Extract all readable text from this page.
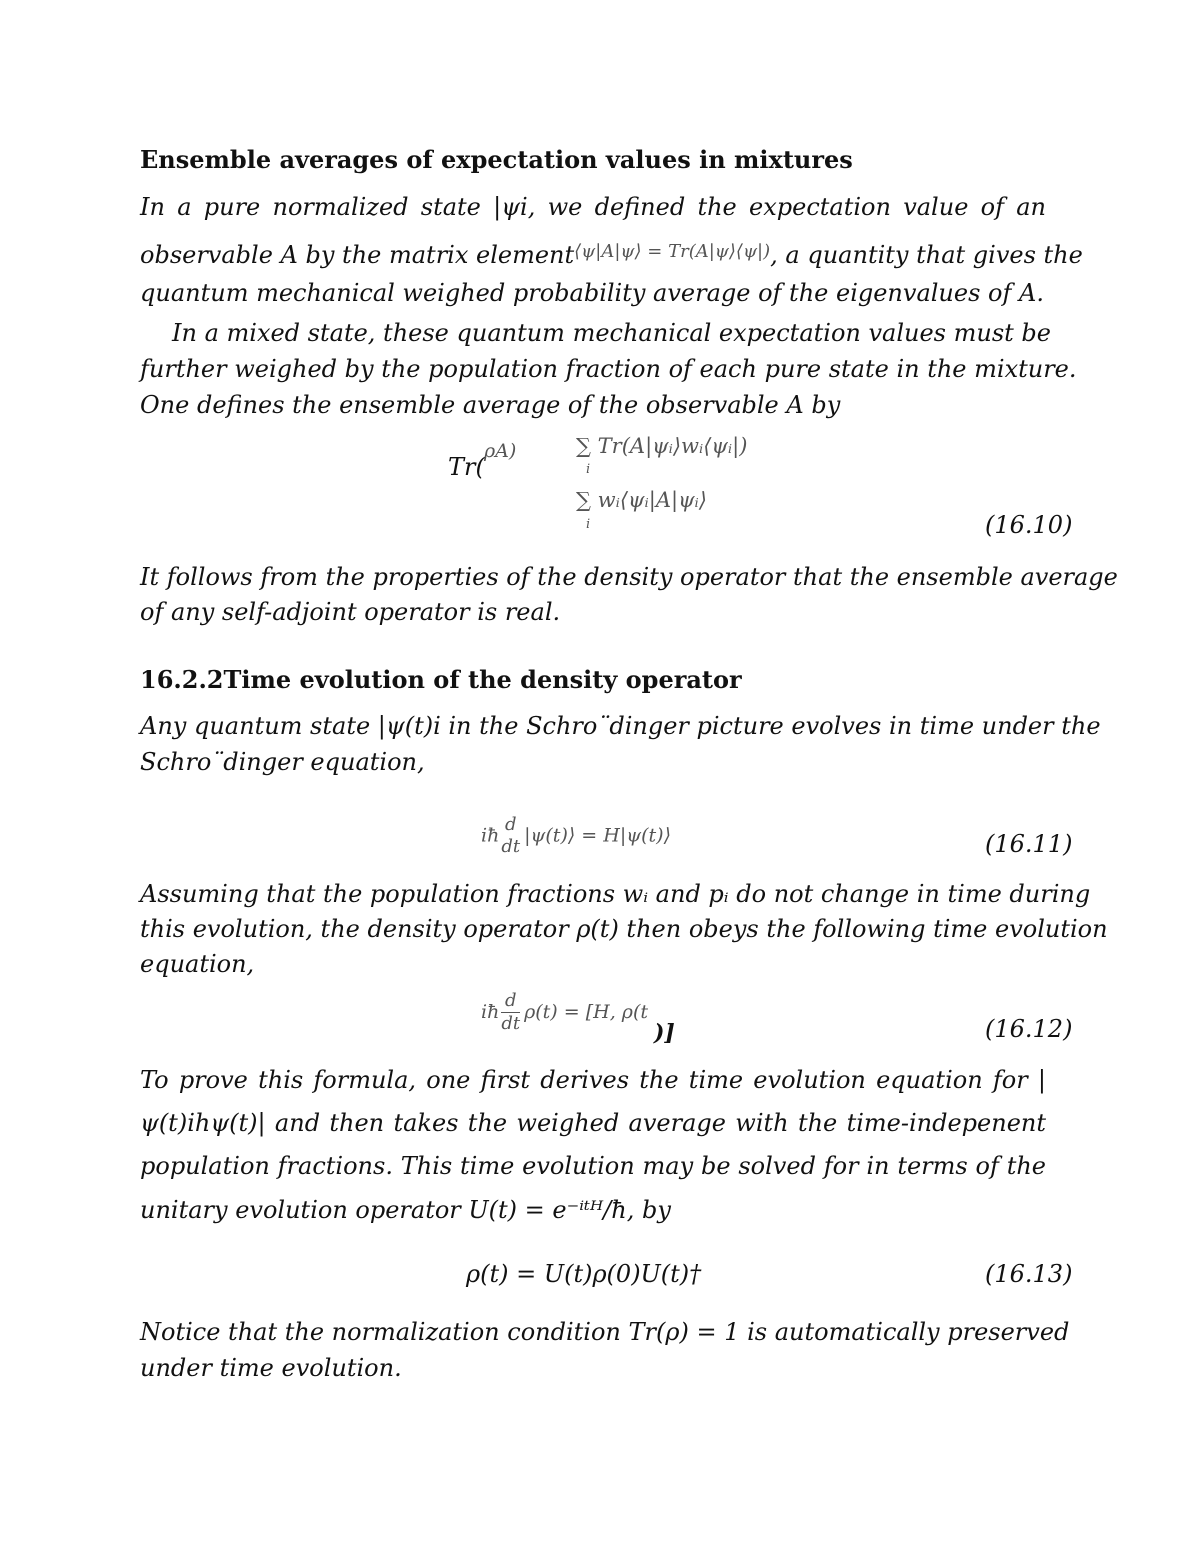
Ensemble averages of expectation values in mixtures
In a pure normalized state |ψi, we defined the expectation value of an
observable A by the matrix element$^{⟨\psi|A|\psi⟩ = Tr(A|\psi⟩⟨\psi|)}$, a quantity that gives the
quantum mechanical weighed probability average of the eigenvalues of A.
In a mixed state, these quantum mechanical expectation values must be
further weighed by the population fraction of each pure state in the mixture.
One defines the ensemble average of the observable A by
Tr(
ρA)	∑ Tr(A|ψᵢ⟩wᵢ⟨ψᵢ|)
i
∑ wᵢ⟨ψᵢ|A|ψᵢ⟩
i	(16.10)
It follows from the properties of the density operator that the ensemble average
of any self-adjoint operator is real.
16.2.2Time evolution of the density operator
Any quantum state |ψ(t)i in the Schro¨dinger picture evolves in time under the
Schro¨dinger equation,
iħ
d
dt |ψ(t)⟩ = H|ψ(t)⟩	(16.11)
Assuming that the population fractions wᵢ and pᵢ do not change in time during
this evolution, the density operator ρ(t) then obeys the following time evolution
equation,
iħ $\frac{d}{dt} \rho(t) = [H$, ρ(t
)]	(16.12)
To prove this formula, one first derives the time evolution equation for |
ψ(t)ihψ(t)| and then takes the weighed average with the time-indepenent
population fractions. This time evolution may be solved for in terms of the
unitary evolution operator U(t) = e⁻ⁱᵗᴴ/ħ, by
ρ(t) = U(t)ρ(0)U(t)†	(16.13)
Notice that the normalization condition Tr(ρ) = 1 is automatically preserved
under time evolution.
